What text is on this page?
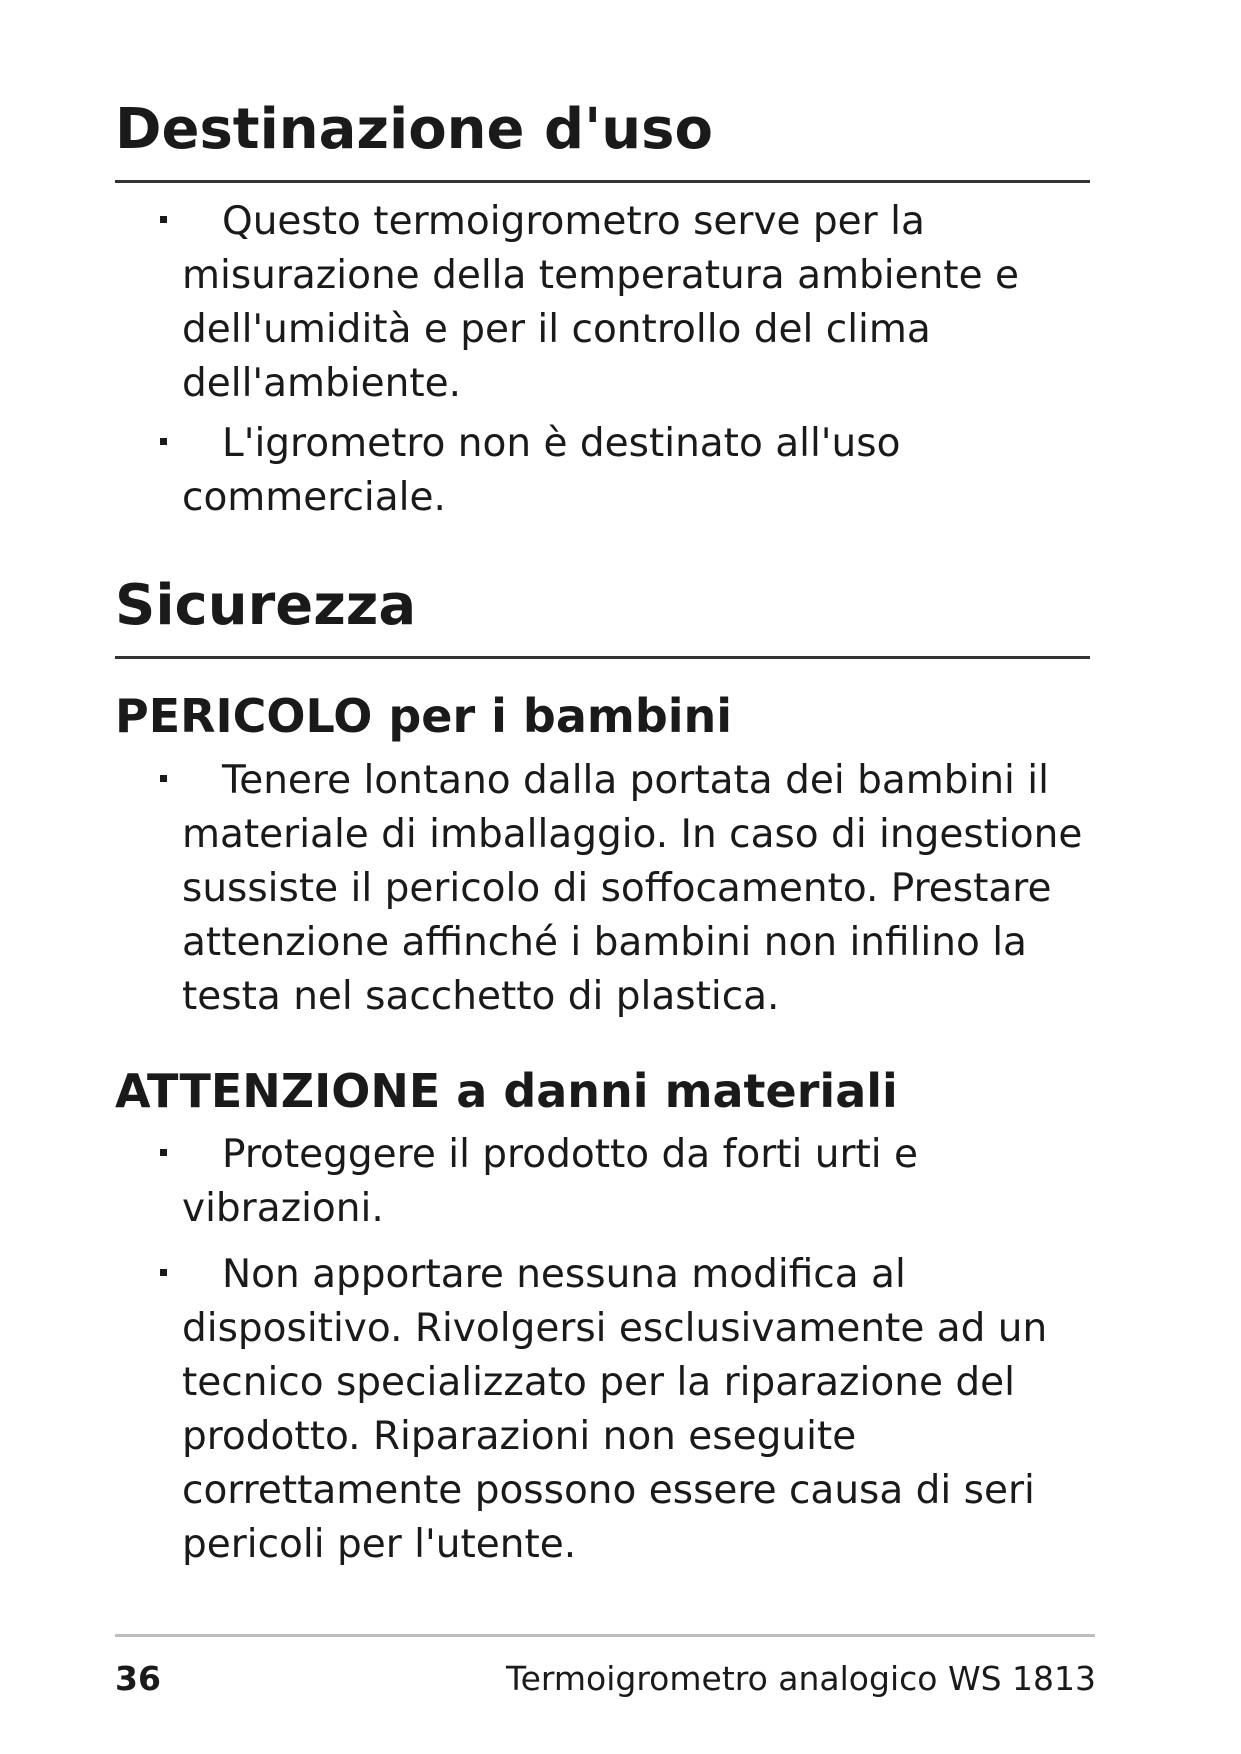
Destinazione d'uso
Questo termoigrometro serve per la misurazione della temperatura ambiente e dell'umidità e per il controllo del clima dell'ambiente.
L'igrometro non è destinato all'uso commerciale.
Sicurezza
PERICOLO per i bambini
Tenere lontano dalla portata dei bambini il materiale di imballaggio. In caso di ingestione sussiste il pericolo di soffocamento. Prestare attenzione affinché i bambini non infilino la testa nel sacchetto di plastica.
ATTENZIONE a danni materiali
Proteggere il prodotto da forti urti e vibrazioni.
Non apportare nessuna modifica al dispositivo. Rivolgersi esclusivamente ad un tecnico specializzato per la riparazione del prodotto. Riparazioni non eseguite correttamente possono essere causa di seri pericoli per l'utente.
36	Termoigrometro analogico WS 1813
